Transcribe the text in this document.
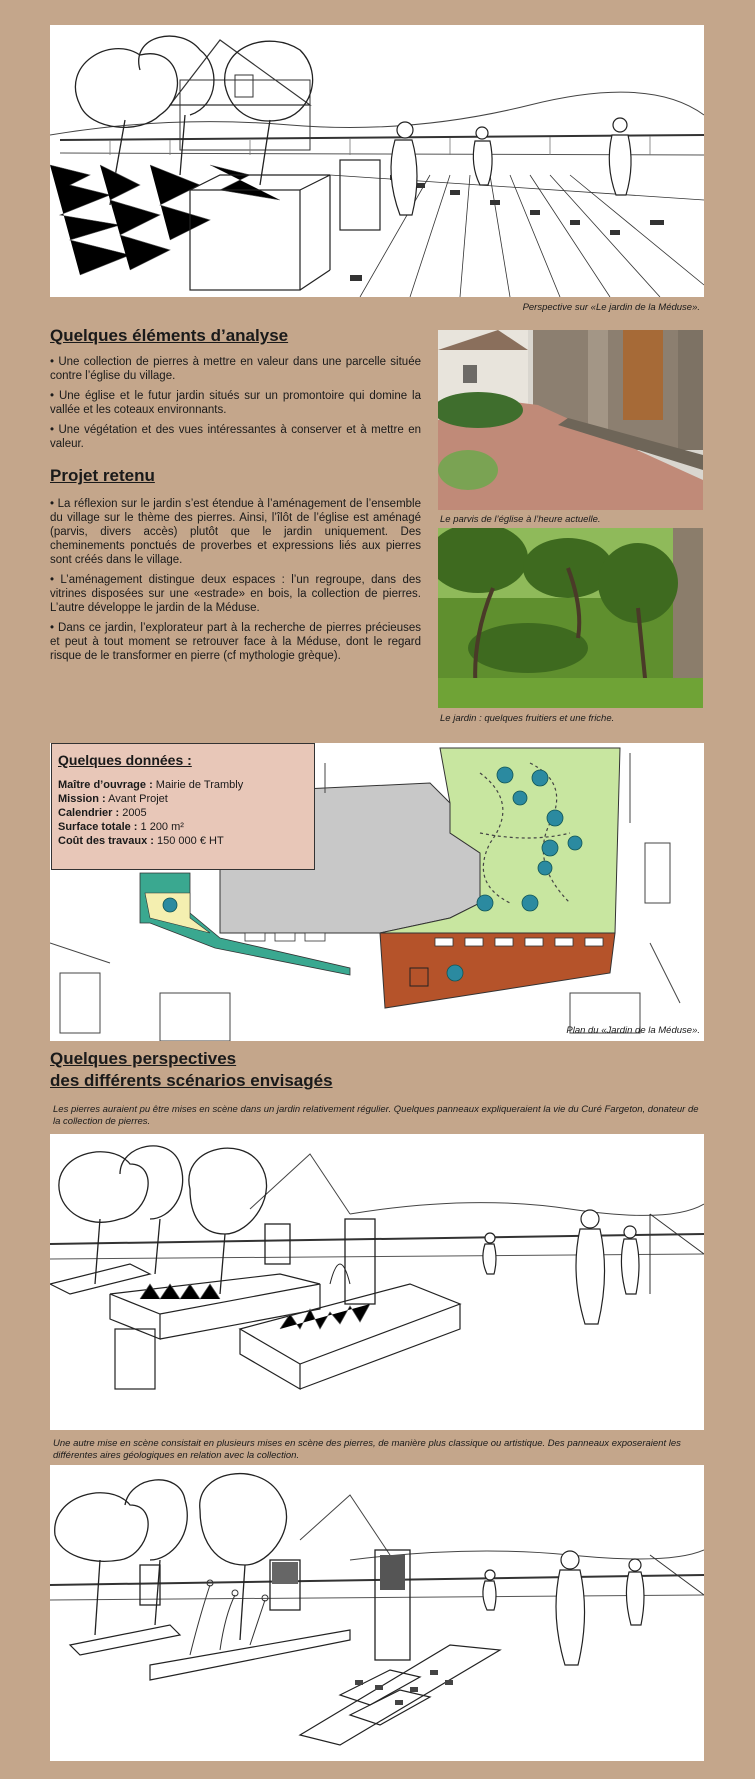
Perspective sur «Le jardin de la Méduse».
Quelques éléments d’analyse

• Une collection de pierres à mettre en valeur dans une parcelle située contre l’église du village.

• Une église et le futur jardin situés sur un promontoire qui domine la vallée et les coteaux environnants.

• Une végétation et des vues intéressantes à conserver et à mettre en valeur.

Projet retenu

• La réflexion sur le jardin s’est étendue à l’aménagement de l’ensemble du village sur le thème des pierres. Ainsi, l’îlôt de l’église est aménagé (parvis, divers accès) plutôt que le jardin uniquement. Des cheminements ponctués de proverbes et expressions liés aux pierres sont créés dans le village.

• L’aménagement distingue deux espaces : l’un regroupe, dans des vitrines disposées sur une «estrade» en bois, la collection de pierres. L’autre développe le jardin de la Méduse.

• Dans ce jardin, l’explorateur part à la recherche de pierres précieuses et peut à tout moment se retrouver face à la Méduse, dont le regard risque de le transformer en pierre (cf mythologie grèque).

Le parvis de l’église à l’heure actuelle.
Le jardin : quelques fruitiers et une friche.
Plan du «Jardin de la Méduse».
Quelques données :
Maître d’ouvrage : Mairie de Trambly
Mission : Avant Projet
Calendrier : 2005
Surface totale : 1 200 m²
Coût des travaux : 150 000 € HT
Quelques perspectives
des différents scénarios envisagés
Les pierres auraient pu être mises en scène dans un jardin relativement régulier. Quelques panneaux expliqueraient la vie du Curé Fargeton, donateur de la collection de pierres.
Une autre mise en scène consistait en plusieurs mises en scène des pierres, de manière plus classique ou artistique. Des panneaux exposeraient les différentes aires géologiques en relation avec la collection.
